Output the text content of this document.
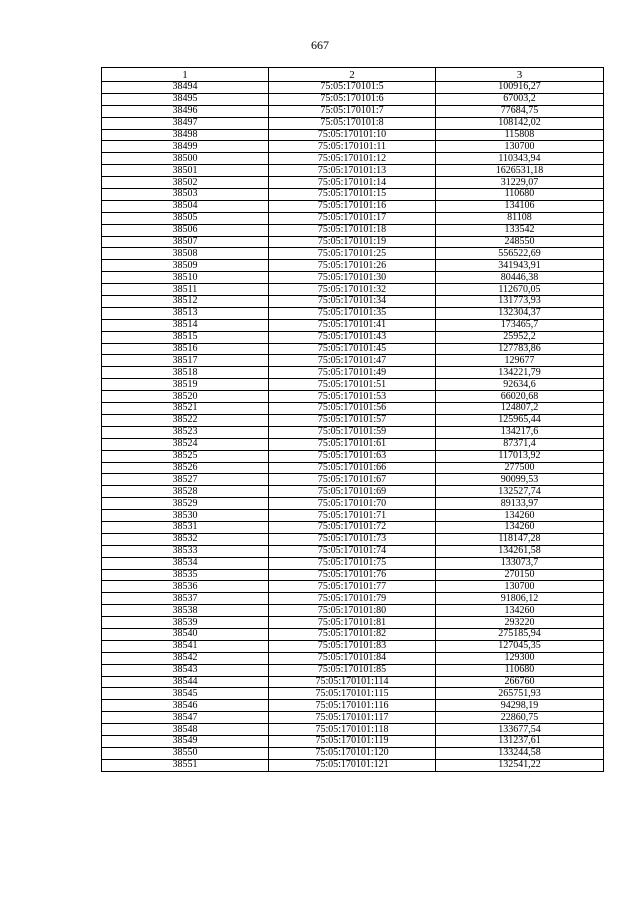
667
1	2	3
38494	75:05:170101:5	100916,27
38495	75:05:170101:6	67003,2
38496	75:05:170101:7	77684,75
38497	75:05:170101:8	108142,02
38498	75:05:170101:10	115808
38499	75:05:170101:11	130700
38500	75:05:170101:12	110343,94
38501	75:05:170101:13	1626531,18
38502	75:05:170101:14	31229,07
38503	75:05:170101:15	110680
38504	75:05:170101:16	134106
38505	75:05:170101:17	81108
38506	75:05:170101:18	133542
38507	75:05:170101:19	248550
38508	75:05:170101:25	556522,69
38509	75:05:170101:26	341943,91
38510	75:05:170101:30	80446,38
38511	75:05:170101:32	112670,05
38512	75:05:170101:34	131773,93
38513	75:05:170101:35	132304,37
38514	75:05:170101:41	173465,7
38515	75:05:170101:43	25952,2
38516	75:05:170101:45	127783,86
38517	75:05:170101:47	129677
38518	75:05:170101:49	134221,79
38519	75:05:170101:51	92634,6
38520	75:05:170101:53	66020,68
38521	75:05:170101:56	124807,2
38522	75:05:170101:57	125965,44
38523	75:05:170101:59	134217,6
38524	75:05:170101:61	87371,4
38525	75:05:170101:63	117013,92
38526	75:05:170101:66	277500
38527	75:05:170101:67	90099,53
38528	75:05:170101:69	132527,74
38529	75:05:170101:70	89133,97
38530	75:05:170101:71	134260
38531	75:05:170101:72	134260
38532	75:05:170101:73	118147,28
38533	75:05:170101:74	134261,58
38534	75:05:170101:75	133073,7
38535	75:05:170101:76	270150
38536	75:05:170101:77	130700
38537	75:05:170101:79	91806,12
38538	75:05:170101:80	134260
38539	75:05:170101:81	293220
38540	75:05:170101:82	275185,94
38541	75:05:170101:83	127045,35
38542	75:05:170101:84	129300
38543	75:05:170101:85	110680
38544	75:05:170101:114	266760
38545	75:05:170101:115	265751,93
38546	75:05:170101:116	94298,19
38547	75:05:170101:117	22860,75
38548	75:05:170101:118	133677,54
38549	75:05:170101:119	131237,61
38550	75:05:170101:120	133244,58
38551	75:05:170101:121	132541,22
